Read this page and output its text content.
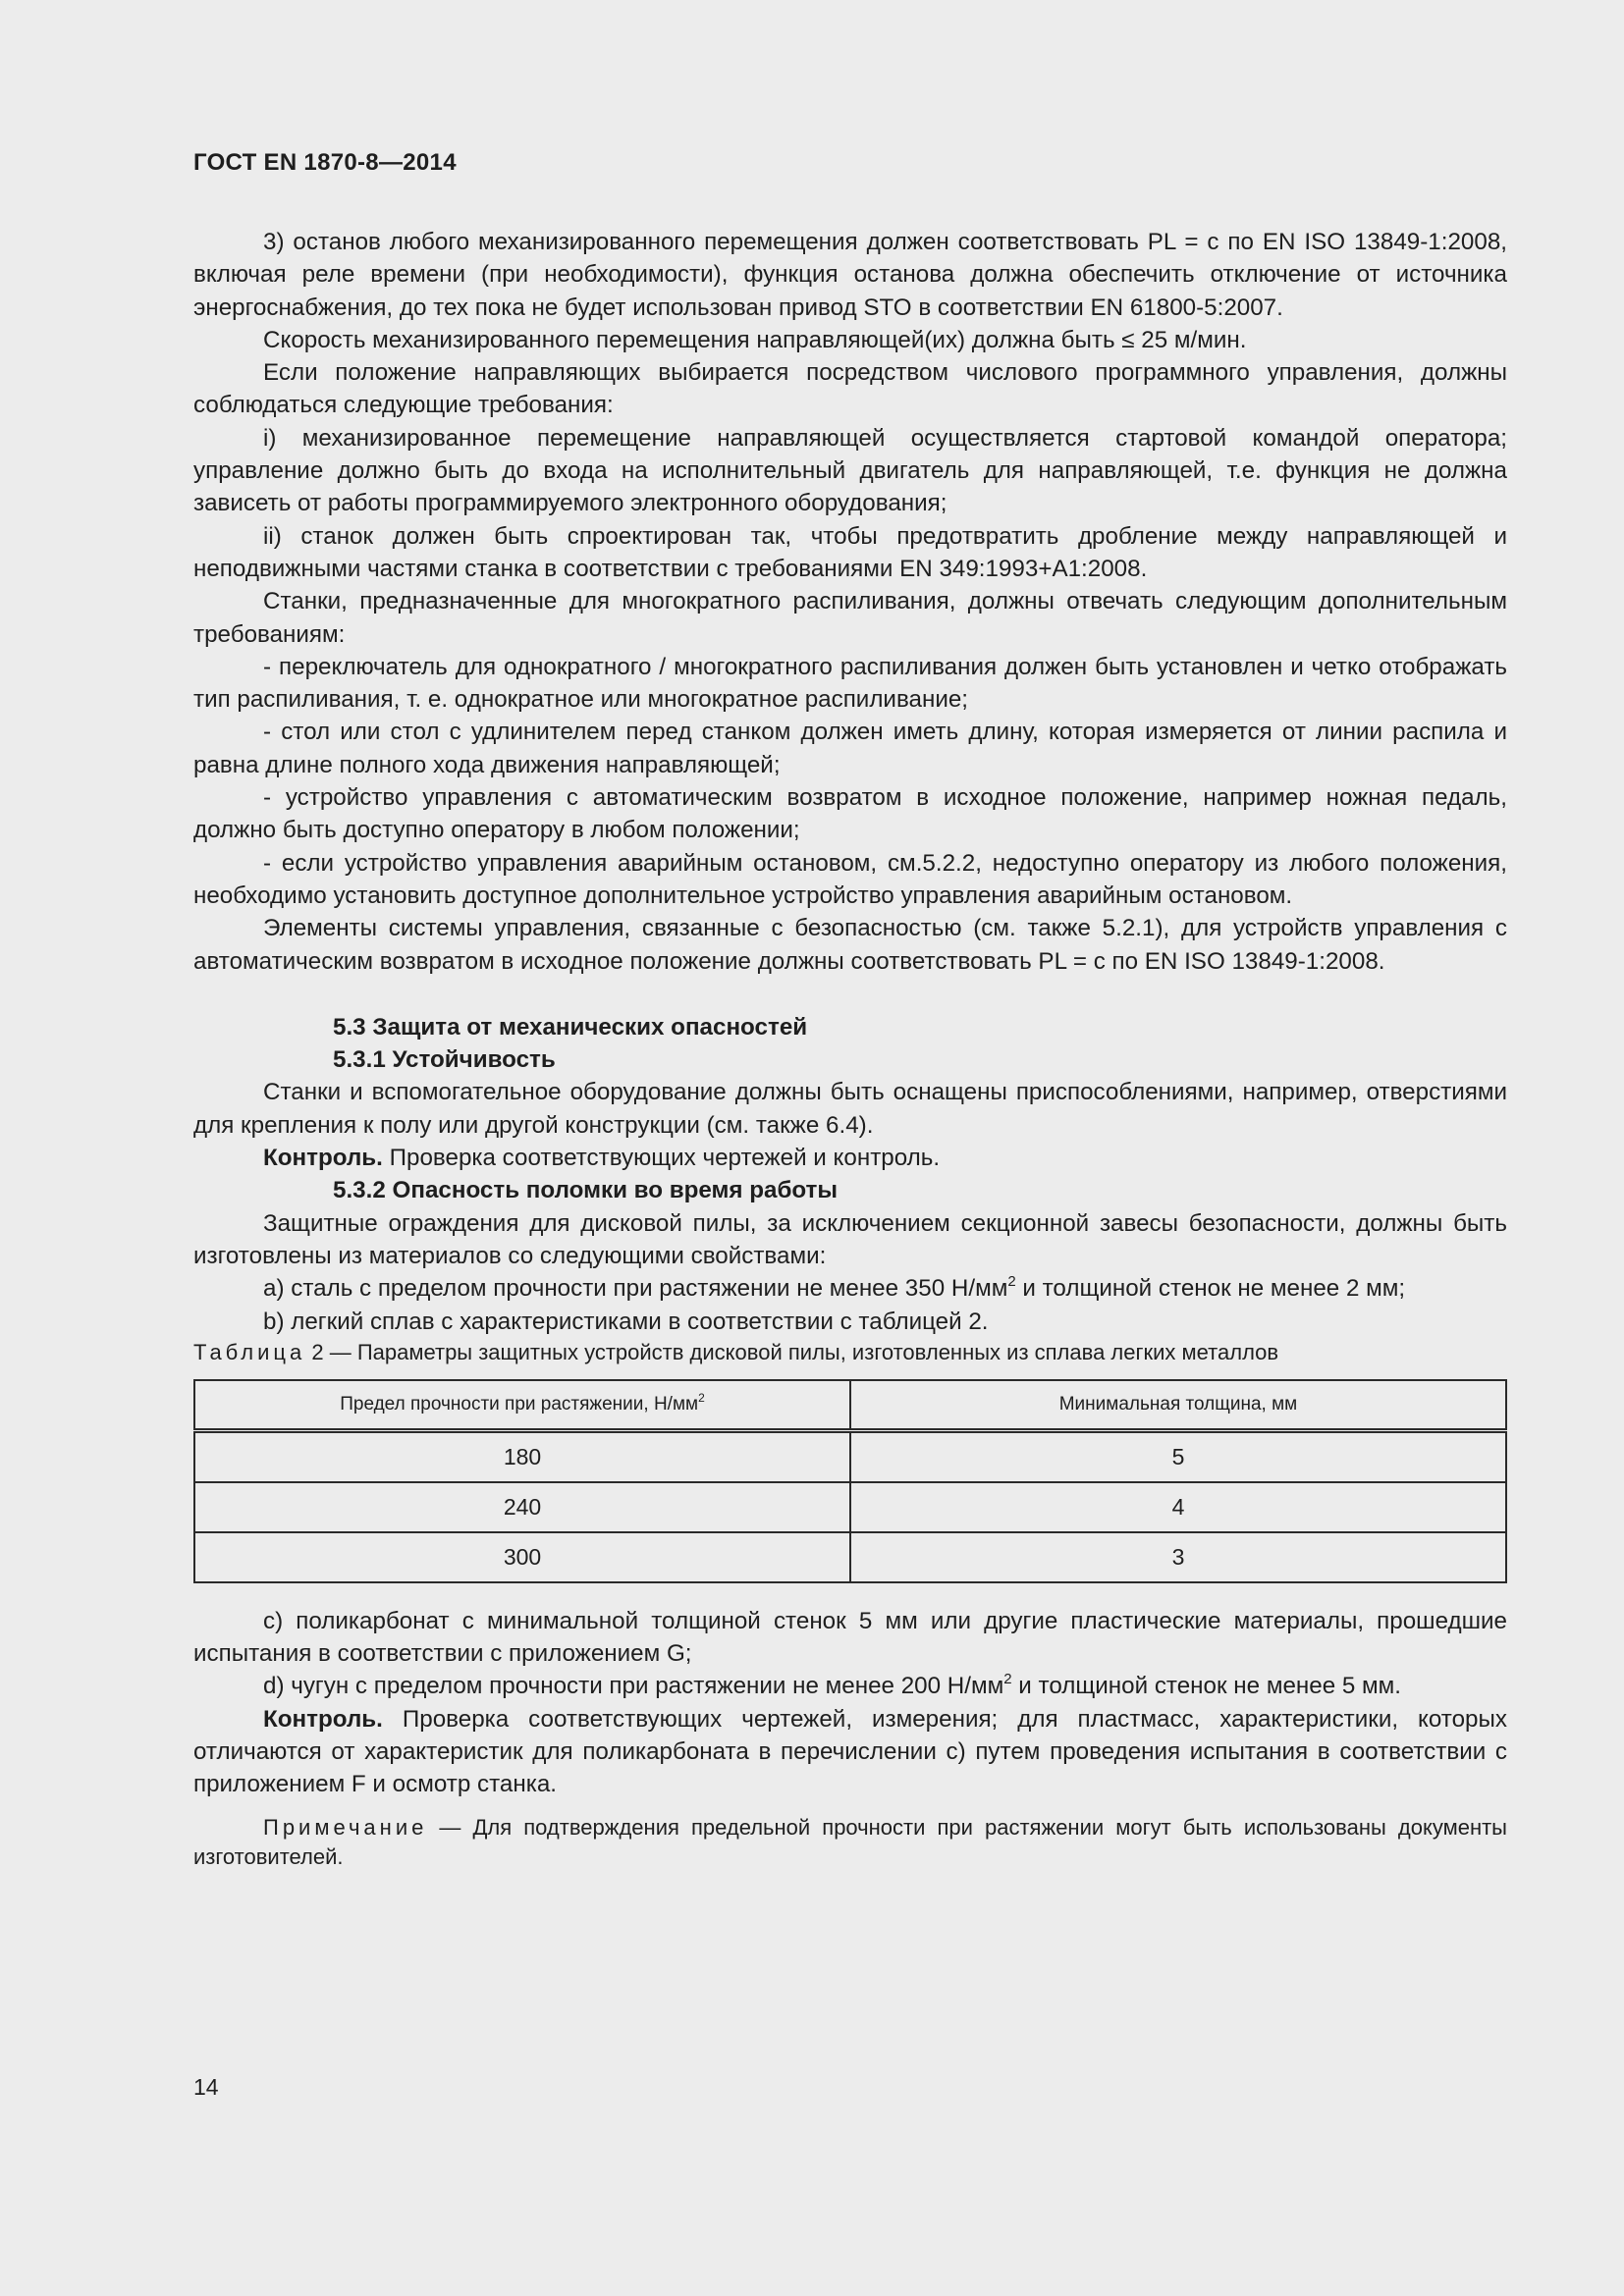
ГОСТ EN 1870-8—2014

3) останов любого механизированного перемещения должен соответствовать PL = c по EN ISO 13849-1:2008, включая реле времени (при необходимости), функция останова должна обеспечить отключение от источника энергоснабжения, до тех пока не будет использован привод STO в соответствии EN 61800-5:2007.

Скорость механизированного перемещения направляющей(их) должна быть ≤ 25 м/мин.

Если положение направляющих выбирается посредством числового программного управления, должны соблюдаться следующие требования:

i) механизированное перемещение направляющей осуществляется стартовой командой оператора; управление должно быть до входа на исполнительный двигатель для направляющей, т.е. функция не должна зависеть от работы программируемого электронного оборудования;

ii) станок должен быть спроектирован так, чтобы предотвратить дробление между направляющей и неподвижными частями станка в соответствии с требованиями EN 349:1993+A1:2008.

Станки, предназначенные для многократного распиливания, должны отвечать следующим дополнительным требованиям:

- переключатель для однократного / многократного распиливания должен быть установлен и четко отображать тип распиливания, т. е. однократное или многократное распиливание;

- стол или стол с удлинителем перед станком должен иметь длину, которая измеряется от линии распила и равна длине полного хода движения направляющей;

- устройство управления с автоматическим возвратом в исходное положение, например ножная педаль, должно быть доступно оператору в любом положении;

- если устройство управления аварийным остановом, см.5.2.2, недоступно оператору из любого положения, необходимо установить доступное дополнительное устройство управления аварийным остановом.

Элементы системы управления, связанные с безопасностью (см. также 5.2.1), для устройств управления с автоматическим возвратом в исходное положение должны соответствовать PL = c по EN ISO 13849-1:2008.

5.3 Защита от механических опасностей

5.3.1 Устойчивость

Станки и вспомогательное оборудование должны быть оснащены приспособлениями, например, отверстиями для крепления к полу или другой конструкции (см. также 6.4).

Контроль. Проверка соответствующих чертежей и контроль.

5.3.2 Опасность поломки во время работы

Защитные ограждения для дисковой пилы, за исключением секционной завесы безопасности, должны быть изготовлены из материалов со следующими свойствами:

a) сталь с пределом прочности при растяжении не менее 350 $Н/мм^2$ и толщиной стенок не менее 2 мм;

b) легкий сплав с характеристиками в соответствии с таблицей 2.

Таблица 2 — Параметры защитных устройств дисковой пилы, изготовленных из сплава легких металлов

Предел прочности при растяжении, $Н/мм^2$	Минимальная толщина, мм
180	5
240	4
300	3

c) поликарбонат с минимальной толщиной стенок 5 мм или другие пластические материалы, прошедшие испытания в соответствии с приложением G;

d) чугун с пределом прочности при растяжении не менее 200 $Н/мм^2$ и толщиной стенок не менее 5 мм.

Контроль. Проверка соответствующих чертежей, измерения; для пластмасс, характеристики, которых отличаются от характеристик для поликарбоната в перечислении c) путем проведения испытания в соответствии с приложением F и осмотр станка.

Примечание — Для подтверждения предельной прочности при растяжении могут быть использованы документы изготовителей.

14
